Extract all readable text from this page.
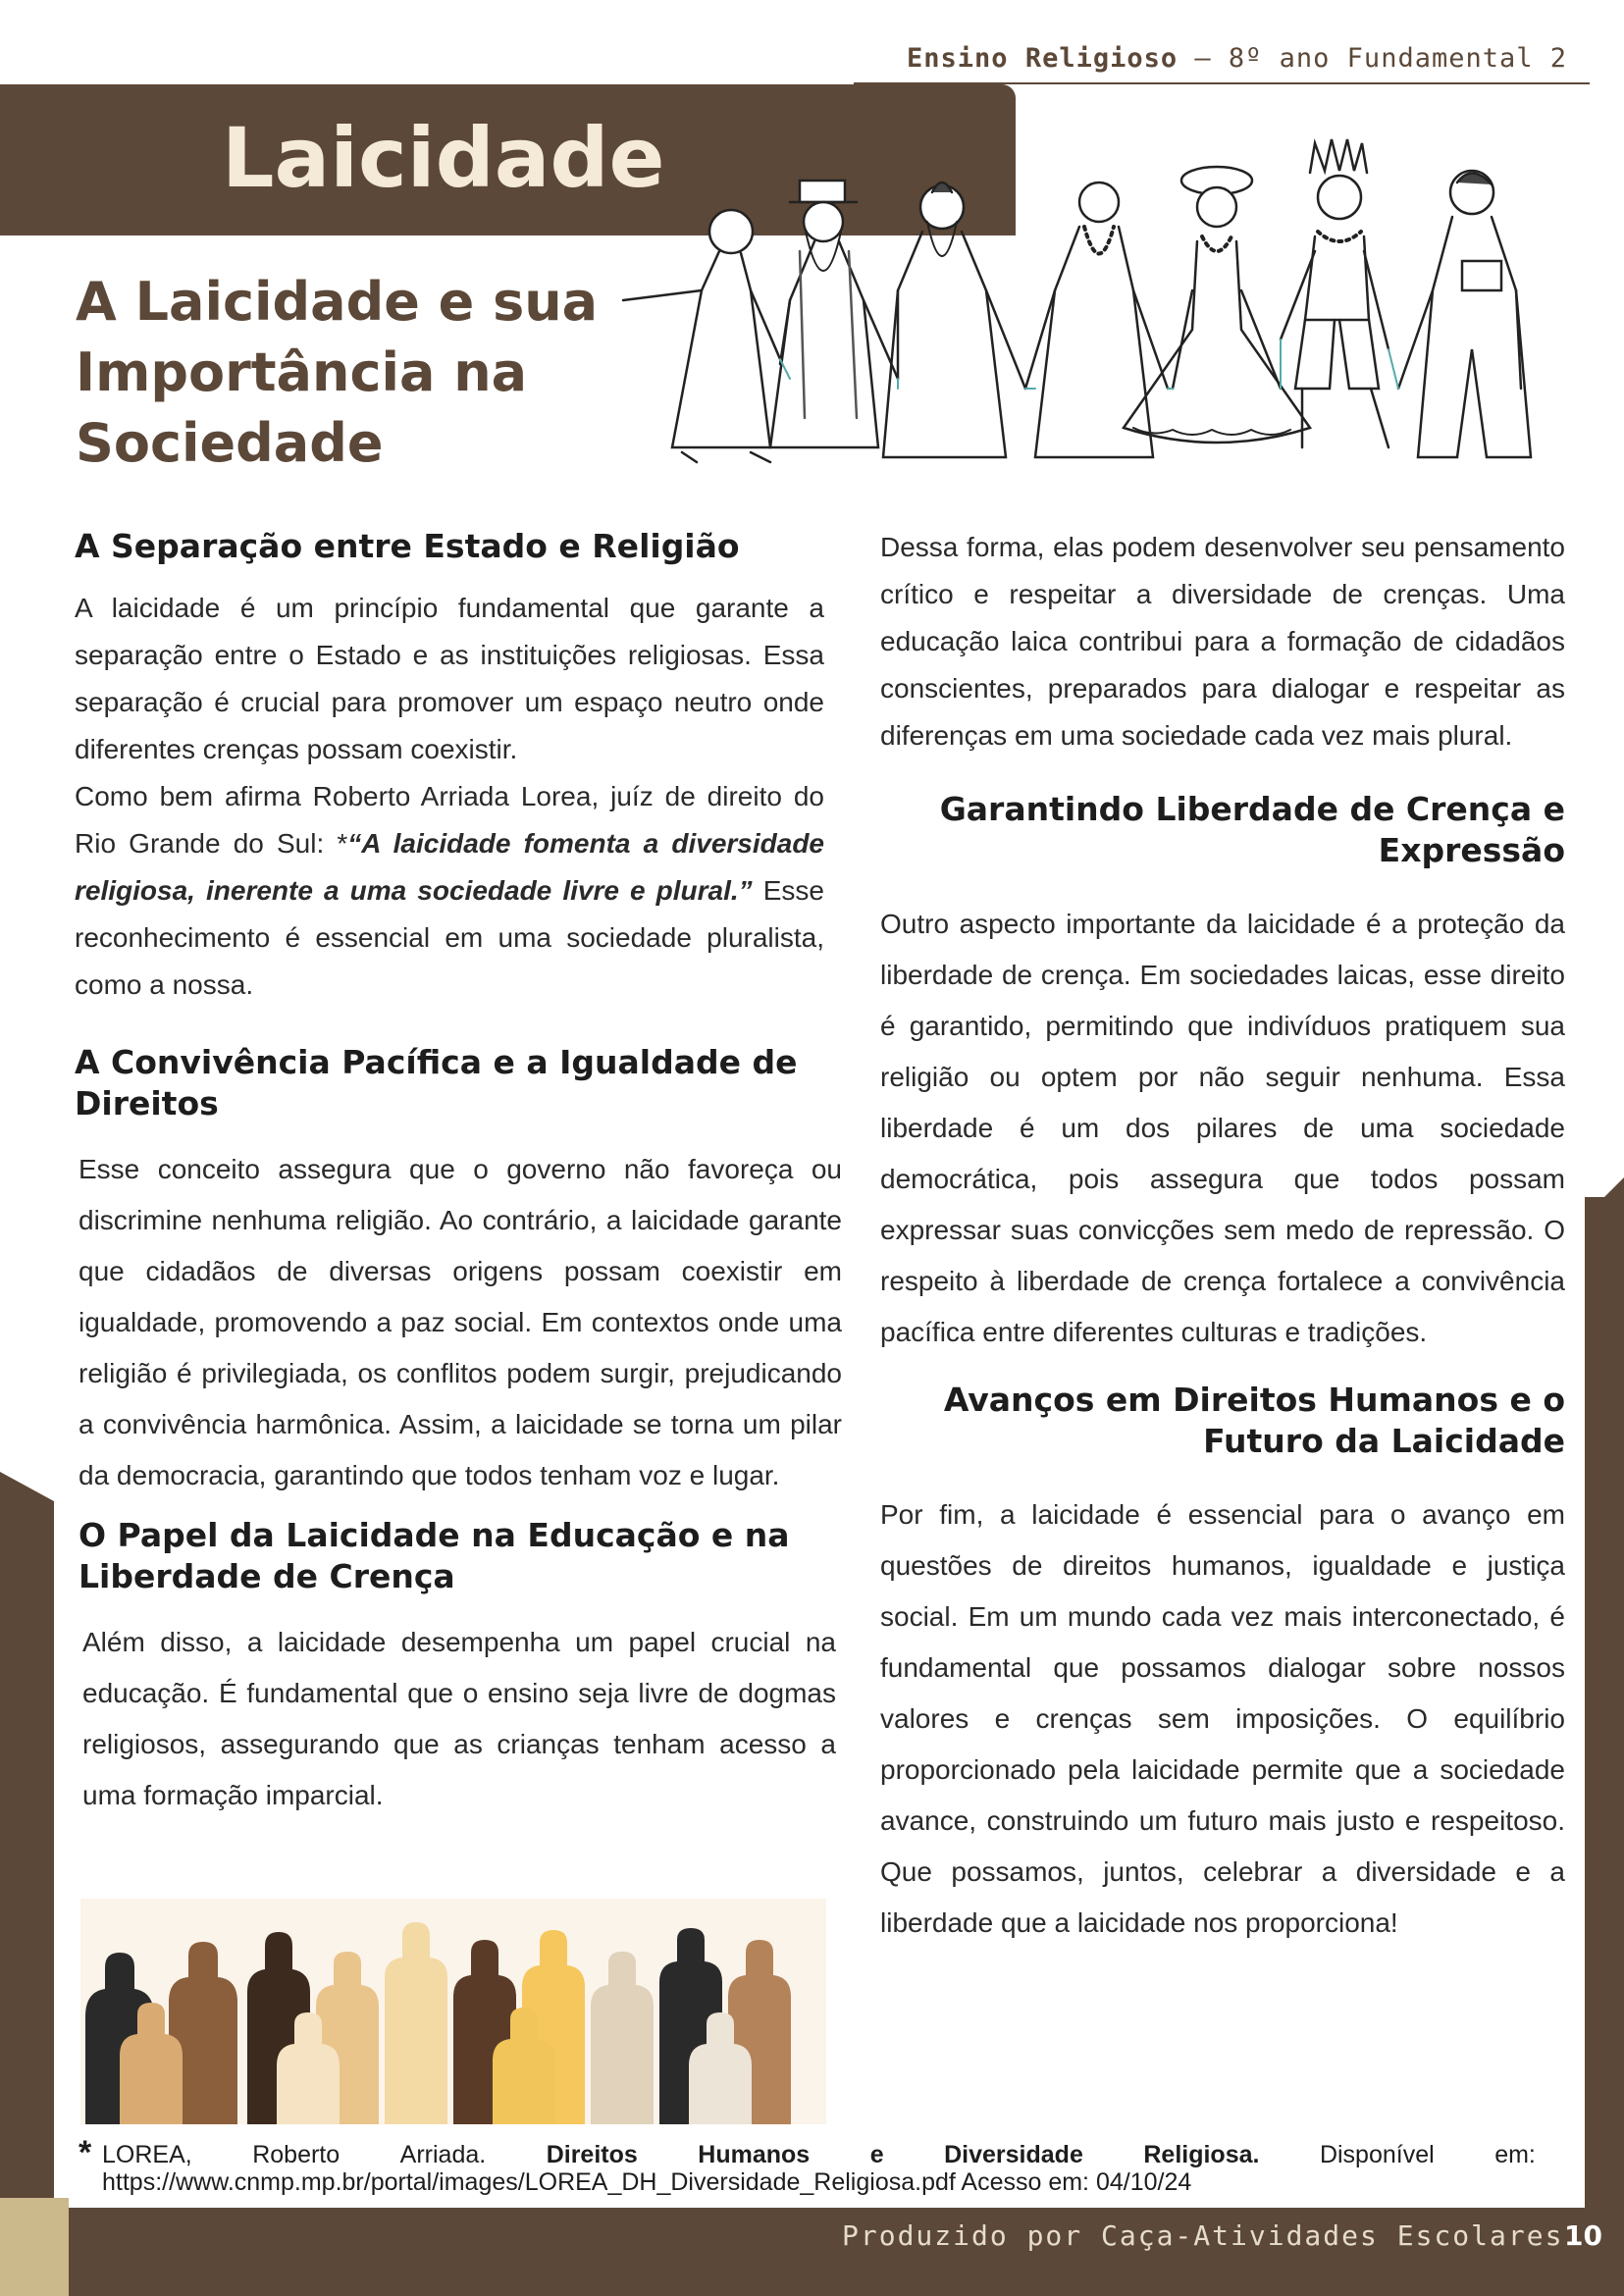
Ensino Religioso – 8º ano Fundamental 2
Laicidade
A Laicidade e sua Importância na Sociedade
A Separação entre Estado e Religião

A laicidade é um princípio fundamental que garante a separação entre o Estado e as instituições religiosas. Essa separação é crucial para promover um espaço neutro onde diferentes crenças possam coexistir.

Como bem afirma Roberto Arriada Lorea, juíz de direito do Rio Grande do Sul: *“A laicidade fomenta a diversidade religiosa, inerente a uma sociedade livre e plural.” Esse reconhecimento é essencial em uma sociedade pluralista, como a nossa.

A Convivência Pacífica e a Igualdade de Direitos

Esse conceito assegura que o governo não favoreça ou discrimine nenhuma religião. Ao contrário, a laicidade garante que cidadãos de diversas origens possam coexistir em igualdade, promovendo a paz social. Em contextos onde uma religião é privilegiada, os conflitos podem surgir, prejudicando a convivência harmônica. Assim, a laicidade se torna um pilar da democracia, garantindo que todos tenham voz e lugar.

O Papel da Laicidade na Educação e na Liberdade de Crença

Além disso, a laicidade desempenha um papel crucial na educação. É fundamental que o ensino seja livre de dogmas religiosos, assegurando que as crianças tenham acesso a uma formação imparcial.

Dessa forma, elas podem desenvolver seu pensamento crítico e respeitar a diversidade de crenças. Uma educação laica contribui para a formação de cidadãos conscientes, preparados para dialogar e respeitar as diferenças em uma sociedade cada vez mais plural.

Garantindo Liberdade de Crença e Expressão

Outro aspecto importante da laicidade é a proteção da liberdade de crença. Em sociedades laicas, esse direito é garantido, permitindo que indivíduos pratiquem sua religião ou optem por não seguir nenhuma. Essa liberdade é um dos pilares de uma sociedade democrática, pois assegura que todos possam expressar suas convicções sem medo de repressão. O respeito à liberdade de crença fortalece a convivência pacífica entre diferentes culturas e tradições.

Avanços em Direitos Humanos e o Futuro da Laicidade

Por fim, a laicidade é essencial para o avanço em questões de direitos humanos, igualdade e justiça social. Em um mundo cada vez mais interconectado, é fundamental que possamos dialogar sobre nossos valores e crenças sem imposições. O equilíbrio proporcionado pela laicidade permite que a sociedade avance, construindo um futuro mais justo e respeitoso. Que possamos, juntos, celebrar a diversidade e a liberdade que a laicidade nos proporciona!

* LOREA, Roberto Arriada. Direitos Humanos e Diversidade Religiosa. Disponível em:
https://www.cnmp.mp.br/portal/images/LOREA_DH_Diversidade_Religiosa.pdf Acesso em: 04/10/24
Produzido por Caça-Atividades Escolares 10
